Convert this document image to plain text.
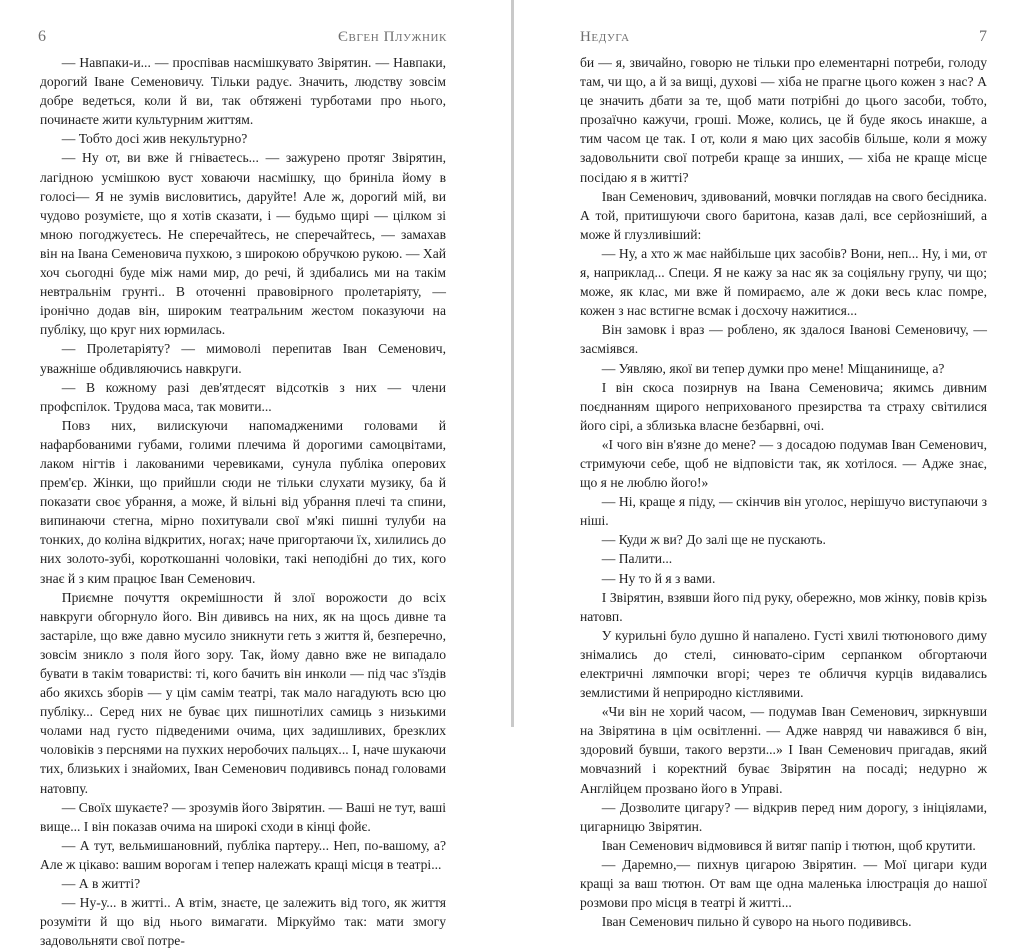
6	Євген Плужник

— Навпаки-и... — проспівав насмішкувато Звірятин. — Навпаки, дорогий Іване Семеновичу. Тільки радує. Значить, людству зовсім добре ведеться, коли й ви, так обтяжені турботами про нього, починаєте жити культурним життям.

— Тобто досі жив некультурно?

— Ну от, ви вже й гніваєтесь... — зажурено протяг Звірятин, лагідною усмішкою вуст ховаючи насмішку, що бриніла йому в голосі— Я не зумів висловитись, даруйте! Але ж, дорогий мій, ви чудово розумієте, що я хотів сказати, і — будьмо щирі — цілком зі мною погоджуєтесь. Не сперечайтесь, не сперечайтесь, — замахав він на Івана Семеновича пухкою, з широкою обручкою рукою. — Хай хоч сьогодні буде між нами мир, до речі, й здибались ми на такім невтральнім грунті.. В оточенні правовірного пролетаріяту, — іронічно додав він, широким театральним жестом показуючи на публіку, що круг них юрмилась.

— Пролетаріяту? — мимоволі перепитав Іван Семенович, уважніше обдивляючись навкруги.

— В кожному разі дев'ятдесят відсотків з них — члени профспілок. Трудова маса, так мовити...

Повз них, вилискуючи напомадженими головами й нафарбованими губами, голими плечима й дорогими самоцвітами, лаком нігтів і лакованими черевиками, сунула публіка оперових прем'єр. Жінки, що прийшли сюди не тільки слухати музику, ба й показати своє убрання, а може, й вільні від убрання плечі та спини, випинаючи стегна, мірно похитували свої м'які пишні тулуби на тонких, до коліна відкритих, ногах; наче пригортаючи їх, хилились до них золото-зубі, короткошанні чоловіки, такі неподібні до тих, кого знає й з ким працює Іван Семенович.

Приємне почуття окремішности й злої ворожости до всіх навкруги обгорнуло його. Він дививсь на них, як на щось дивне та застаріле, що вже давно мусило зникнути геть з життя й, безперечно, зовсім зникло з поля його зору. Так, йому давно вже не випадало бувати в такім товаристві: ті, кого бачить він инколи — під час з'їздів або якихсь зборів — у цім самім театрі, так мало нагадують всю цю публіку... Серед них не буває цих пишнотілих самиць з низькими чолами над густо підведеними очима, цих задишливих, брезклих чоловіків з перснями на пухких неробочих пальцях... І, наче шукаючи тих, близьких і знайомих, Іван Семенович подививсь понад головами натовпу.

— Своїх шукаєте? — зрозумів його Звірятин. — Ваші не тут, ваші вище... І він показав очима на широкі сходи в кінці фойє.

— А тут, вельмишановний, публіка партеру... Неп, по-вашому, а? Але ж цікаво: вашим ворогам і тепер належать кращі місця в театрі...

— А в житті?

— Ну-у... в житті.. А втім, знаєте, це залежить від того, як життя розуміти й що від нього вимагати. Міркуймо так: мати змогу задовольняти свої потре-

Недуга	7

би — я, звичайно, говорю не тільки про елементарні потреби, голоду там, чи що, а й за вищі, духові — хіба не прагне цього кожен з нас? А це значить дбати за те, щоб мати потрібні до цього засоби, тобто, прозаїчно кажучи, гроші. Може, колись, це й буде якось инакше, а тим часом це так. І от, коли я маю цих засобів більше, коли я можу задовольнити свої потреби краще за инших, — хіба не краще місце посідаю я в житті?

Іван Семенович, здивований, мовчки поглядав на свого бесідника. А той, притишуючи свого баритона, казав далі, все серйозніший, а може й глузливіший:

— Ну, а хто ж має найбільше цих засобів? Вони, неп... Ну, і ми, от я, наприклад... Специ. Я не кажу за нас як за соціяльну групу, чи що; може, як клас, ми вже й помираємо, але ж доки весь клас помре, кожен з нас встигне всмак і досхочу нажитися...

Він замовк і враз — роблено, як здалося Іванові Семеновичу, — засміявся.

— Уявляю, якої ви тепер думки про мене! Міщанинище, а?

І він скоса позирнув на Івана Семеновича; якимсь дивним поєднанням щирого неприхованого презирства та страху світилися його сірі, а зблизька власне безбарвні, очі.

«І чого він в'язне до мене? — з досадою подумав Іван Семенович, стримуючи себе, щоб не відповісти так, як хотілося. — Адже знає, що я не люблю його!»

— Ні, краще я піду, — скінчив він уголос, нерішучо виступаючи з ніші.

— Куди ж ви? До залі ще не пускають.

— Палити...

— Ну то й я з вами.

І Звірятин, взявши його під руку, обережно, мов жінку, повів крізь натовп.

У курильні було душно й напалено. Густі хвилі тютюнового диму знімались до стелі, синювато-сірим серпанком обгортаючи електричні лямпочки вгорі; через те обличчя курців видавались землистими й неприродно кістлявими.

«Чи він не хорий часом, — подумав Іван Семенович, зиркнувши на Звірятина в цім освітленні. — Адже навряд чи наважився б він, здоровий бувши, такого верзти...» І Іван Семенович пригадав, який мовчазний і коректний буває Звірятин на посаді; недурно ж Англійцем прозвано його в Управі.

— Дозволите цигару? — відкрив перед ним дорогу, з ініціялами, цигарницю Звірятин.

Іван Семенович відмовився й витяг папір і тютюн, щоб крутити.

— Даремно,— пихнув цигарою Звірятин. — Мої цигари куди кращі за ваш тютюн. От вам ще одна маленька ілюстрація до нашої розмови про місця в театрі й житті...

Іван Семенович пильно й суворо на нього подививсь.
